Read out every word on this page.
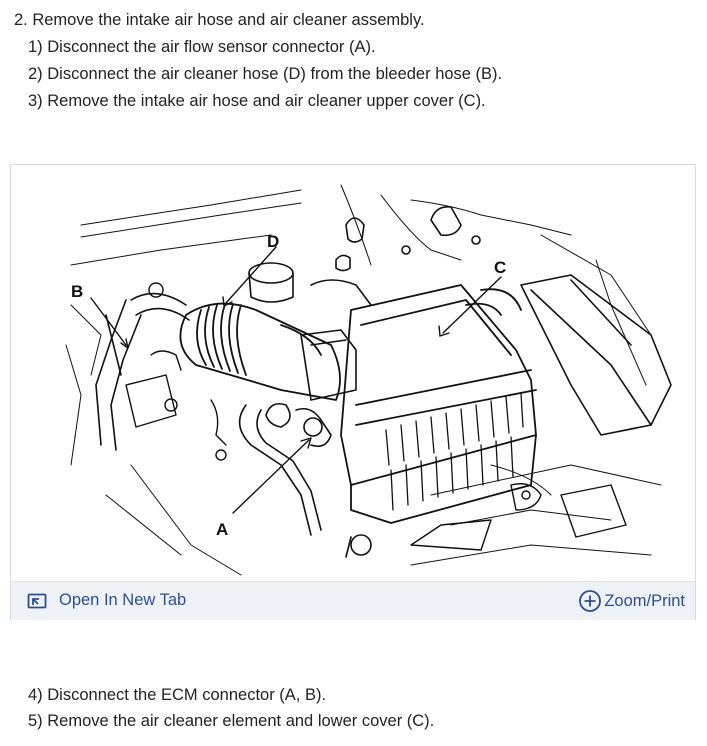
2. Remove the intake air hose and air cleaner assembly.
1) Disconnect the air flow sensor connector (A).
2) Disconnect the air cleaner hose (D) from the bleeder hose (B).
3) Remove the intake air hose and air cleaner upper cover (C).
D
B
C
A
Open In New Tab	Zoom/Print
4) Disconnect the ECM connector (A, B).
5) Remove the air cleaner element and lower cover (C).
